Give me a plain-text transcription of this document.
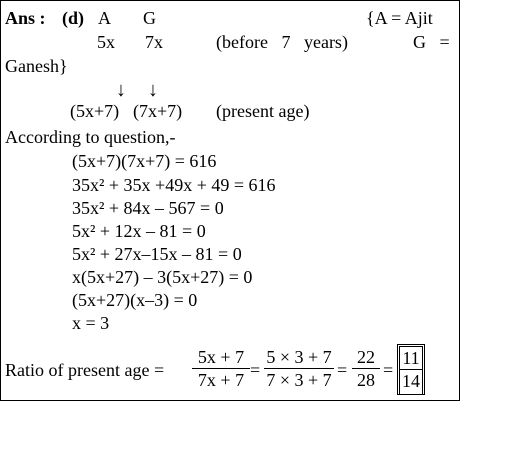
Ans : (d) A G	{A = Ajit
5x 7x	(before   7   years)	G   =
Ganesh}
↓ ↓
(5x+7) (7x+7) (present age)
According to question,-
(5x+7)(7x+7) = 616
35x² + 35x +49x + 49 = 616
35x² + 84x – 567 = 0
5x² + 12x – 81 = 0
5x² + 27x–15x – 81 = 0
x(5x+27) – 3(5x+27) = 0
(5x+27)(x–3) = 0
x = 3
Ratio of present age =
5x + 7
7x + 7 =
5 × 3 + 7
7 × 3 + 7 =
22
28 =
11
14
